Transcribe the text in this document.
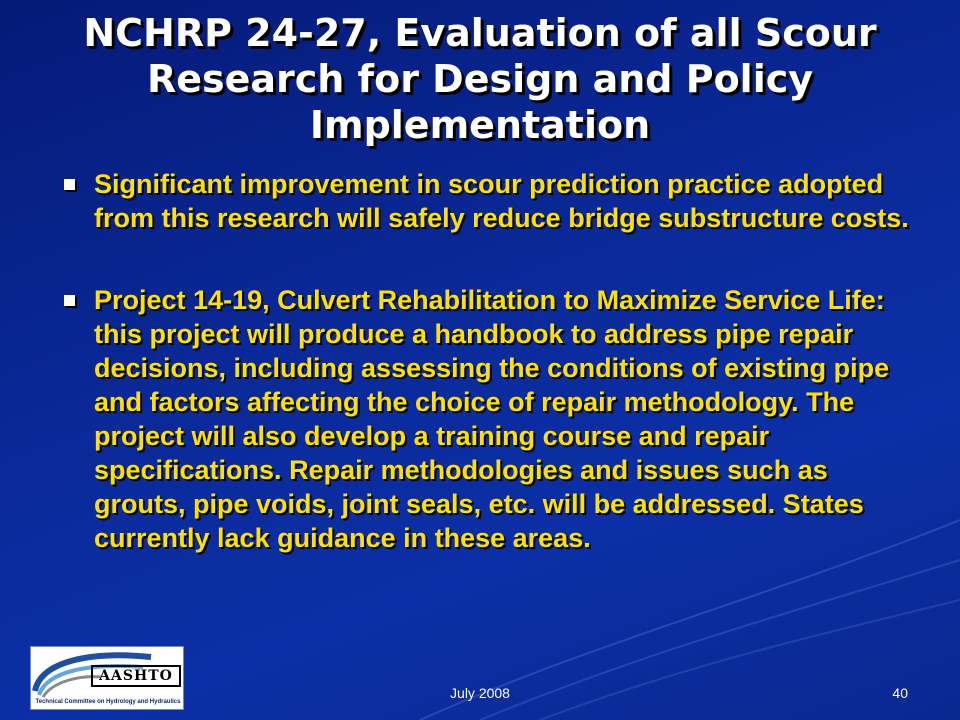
NCHRP 24-27, Evaluation of all Scour
Research for Design and Policy
Implementation
Significant improvement in scour prediction practice adopted from this research will safely reduce bridge substructure costs.
Project 14-19, Culvert Rehabilitation to Maximize Service Life: this project will produce a handbook to address pipe repair decisions, including assessing the conditions of existing pipe and factors affecting the choice of repair methodology. The project will also develop a training course and repair specifications. Repair methodologies and issues such as grouts, pipe voids, joint seals, etc. will be addressed. States currently lack guidance in these areas.
AASHTO
Technical Committee on Hydrology and Hydraulics
July 2008	40
